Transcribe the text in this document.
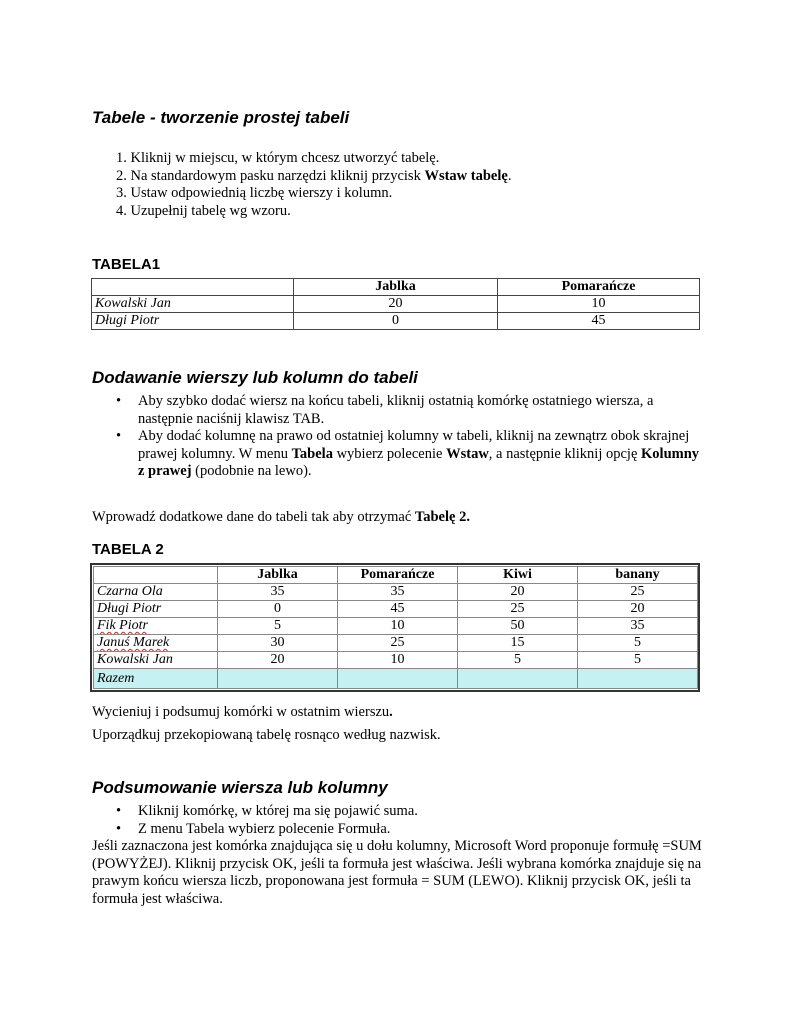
Tabele - tworzenie prostej tabeli
1. Kliknij w miejscu, w którym chcesz utworzyć tabelę.
2. Na standardowym pasku narzędzi kliknij przycisk Wstaw tabelę.
3. Ustaw odpowiednią liczbę wierszy i kolumn.
4. Uzupełnij tabelę wg wzoru.
TABELA1
	Jablka	Pomarańcze
Kowalski Jan	20	10
Długi Piotr	0	45
Dodawanie wierszy lub kolumn do tabeli
• Aby szybko dodać wiersz na końcu tabeli, kliknij ostatnią komórkę ostatniego wiersza, a następnie naciśnij klawisz TAB.
• Aby dodać kolumnę na prawo od ostatniej kolumny w tabeli, kliknij na zewnątrz obok skrajnej prawej kolumny. W menu Tabela wybierz polecenie Wstaw, a następnie kliknij opcję Kolumny z prawej (podobnie na lewo).
Wprowadź dodatkowe dane do tabeli tak aby otrzymać Tabelę 2.
TABELA 2
	Jablka	Pomarańcze	Kiwi	banany
Czarna Ola	35	35	20	25
Długi Piotr	0	45	25	20
Fik Piotr	5	10	50	35
Januś Marek	30	25	15	5
Kowalski Jan	20	10	5	5
Razem				
Wycieniuj i podsumuj komórki w ostatnim wierszu.
Uporządkuj przekopiowaną tabelę rosnąco według nazwisk.
Podsumowanie wiersza lub kolumny
• Kliknij komórkę, w której ma się pojawić suma.
• Z menu Tabela wybierz polecenie Formuła.
Jeśli zaznaczona jest komórka znajdująca się u dołu kolumny, Microsoft Word proponuje formułę =SUM (POWYŻEJ). Kliknij przycisk OK, jeśli ta formuła jest właściwa. Jeśli wybrana komórka znajduje się na prawym końcu wiersza liczb, proponowana jest formuła = SUM (LEWO). Kliknij przycisk OK, jeśli ta formuła jest właściwa.
